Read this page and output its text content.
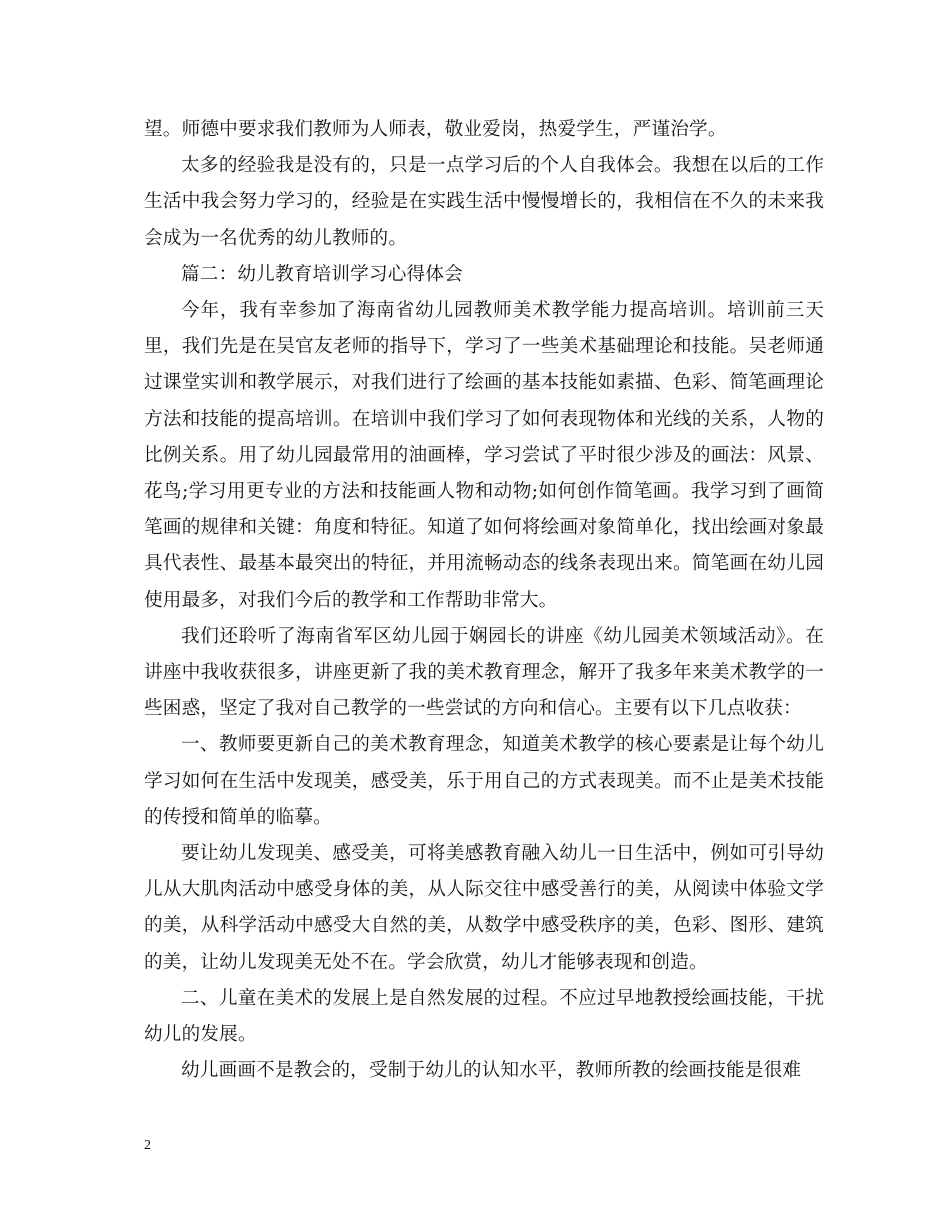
望。师德中要求我们教师为人师表，敬业爱岗，热爱学生，严谨治学。

太多的经验我是没有的，只是一点学习后的个人自我体会。我想在以后的工作生活中我会努力学习的，经验是在实践生活中慢慢增长的，我相信在不久的未来我会成为一名优秀的幼儿教师的。

篇二：幼儿教育培训学习心得体会

今年，我有幸参加了海南省幼儿园教师美术教学能力提高培训。培训前三天里，我们先是在吴官友老师的指导下，学习了一些美术基础理论和技能。吴老师通过课堂实训和教学展示，对我们进行了绘画的基本技能如素描、色彩、简笔画理论方法和技能的提高培训。在培训中我们学习了如何表现物体和光线的关系，人物的比例关系。用了幼儿园最常用的油画棒，学习尝试了平时很少涉及的画法：风景、花鸟;学习用更专业的方法和技能画人物和动物;如何创作简笔画。我学习到了画简笔画的规律和关键：角度和特征。知道了如何将绘画对象简单化，找出绘画对象最具代表性、最基本最突出的特征，并用流畅动态的线条表现出来。简笔画在幼儿园使用最多，对我们今后的教学和工作帮助非常大。

我们还聆听了海南省军区幼儿园于娴园长的讲座《幼儿园美术领域活动》。在讲座中我收获很多，讲座更新了我的美术教育理念，解开了我多年来美术教学的一些困惑，坚定了我对自己教学的一些尝试的方向和信心。主要有以下几点收获：

一、教师要更新自己的美术教育理念，知道美术教学的核心要素是让每个幼儿学习如何在生活中发现美，感受美，乐于用自己的方式表现美。而不止是美术技能的传授和简单的临摹。

要让幼儿发现美、感受美，可将美感教育融入幼儿一日生活中，例如可引导幼儿从大肌肉活动中感受身体的美，从人际交往中感受善行的美，从阅读中体验文学的美，从科学活动中感受大自然的美，从数学中感受秩序的美，色彩、图形、建筑的美，让幼儿发现美无处不在。学会欣赏，幼儿才能够表现和创造。

二、儿童在美术的发展上是自然发展的过程。不应过早地教授绘画技能，干扰幼儿的发展。

幼儿画画不是教会的，受制于幼儿的认知水平，教师所教的绘画技能是很难

2
